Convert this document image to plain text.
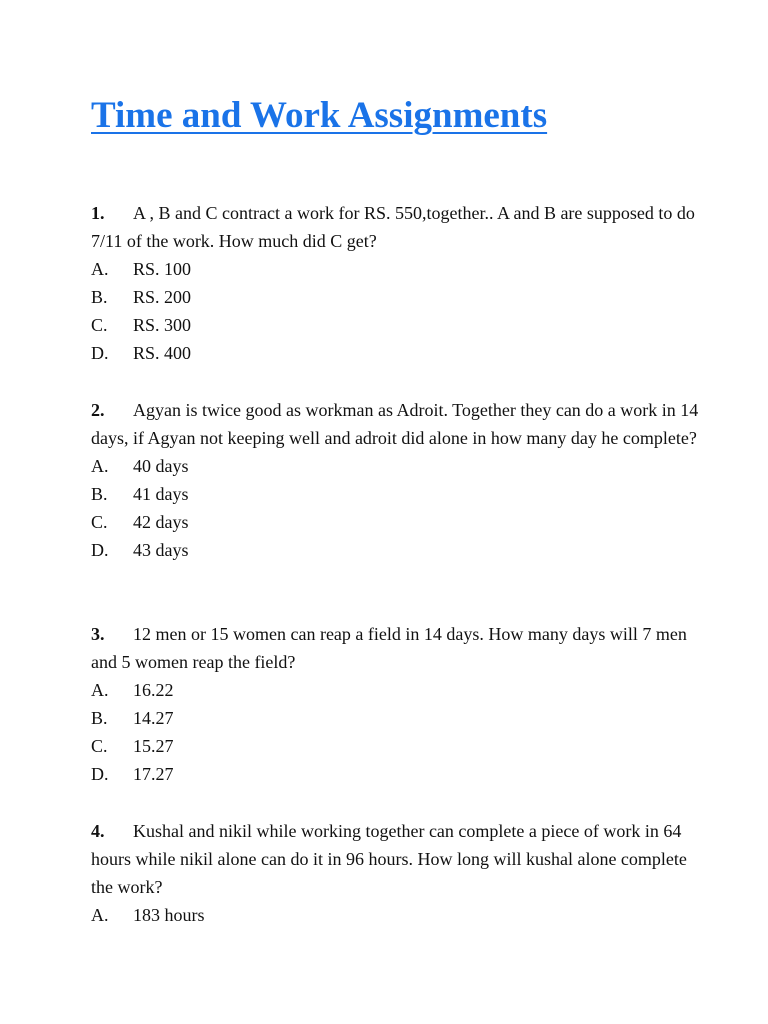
Time and Work Assignments

1. A , B and C contract a work for RS. 550,together.. A and B are supposed to do 7/11 of the work. How much did C get?

A.	RS. 100
B.	RS. 200
C.	RS. 300
D.	RS. 400

2. Agyan is twice good as workman as Adroit. Together they can do a work in 14 days, if Agyan not keeping well and adroit did alone in how many day he complete?

A.	40 days
B.	41 days
C.	42 days
D.	43 days

3. 12 men or 15 women can reap a field in 14 days. How many days will 7 men and 5 women reap the field?

A.	16.22
B.	14.27
C.	15.27
D.	17.27

4. Kushal and nikil while working together can complete a piece of work in 64 hours while nikil alone can do it in 96 hours. How long will kushal alone complete the work?

A.	183 hours
